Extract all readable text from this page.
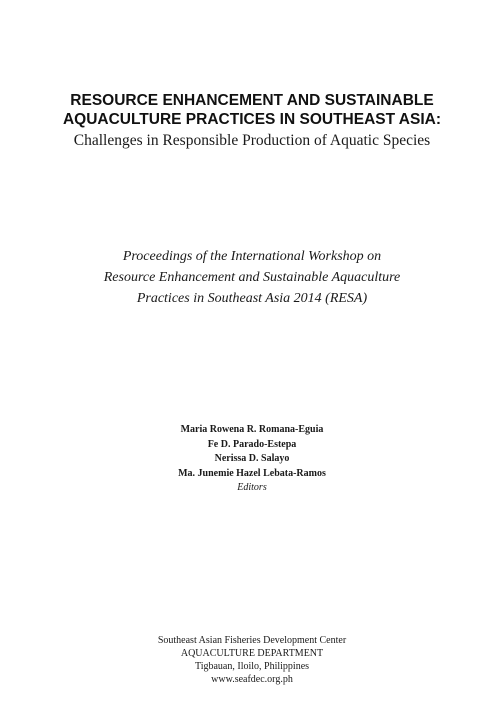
RESOURCE ENHANCEMENT AND SUSTAINABLE
AQUACULTURE PRACTICES IN SOUTHEAST ASIA:
Challenges in Responsible Production of Aquatic Species
Proceedings of the International Workshop on
Resource Enhancement and Sustainable Aquaculture
Practices in Southeast Asia 2014 (RESA)
Maria Rowena R. Romana-Eguia
Fe D. Parado-Estepa
Nerissa D. Salayo
Ma. Junemie Hazel Lebata-Ramos
Editors
Southeast Asian Fisheries Development Center
AQUACULTURE DEPARTMENT
Tigbauan, Iloilo, Philippines
www.seafdec.org.ph
